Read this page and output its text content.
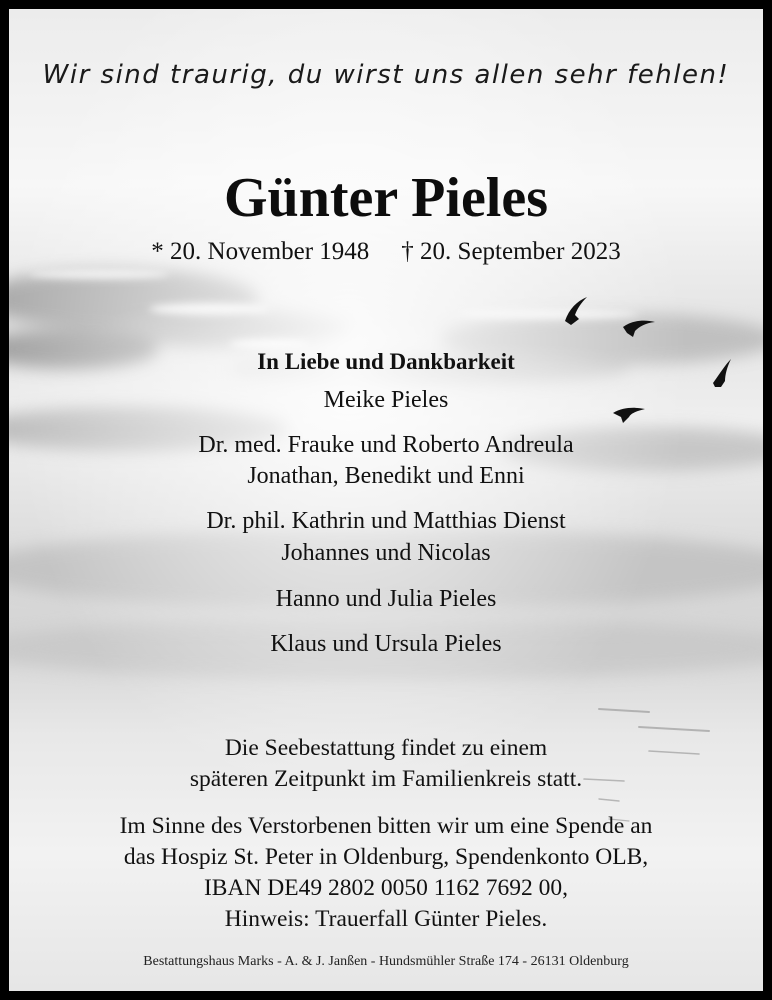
Wir sind traurig, du wirst uns allen sehr fehlen!
Günter Pieles
* 20. November 1948 † 20. September 2023
In Liebe und Dankbarkeit
Meike Pieles
Dr. med. Frauke und Roberto Andreula
Jonathan, Benedikt und Enni
Dr. phil. Kathrin und Matthias Dienst
Johannes und Nicolas
Hanno und Julia Pieles
Klaus und Ursula Pieles
Die Seebestattung findet zu einem
späteren Zeitpunkt im Familienkreis statt.
Im Sinne des Verstorbenen bitten wir um eine Spende an
das Hospiz St. Peter in Oldenburg, Spendenkonto OLB,
IBAN DE49 2802 0050 1162 7692 00,
Hinweis: Trauerfall Günter Pieles.
Bestattungshaus Marks - A. & J. Janßen - Hundsmühler Straße 174 - 26131 Oldenburg
